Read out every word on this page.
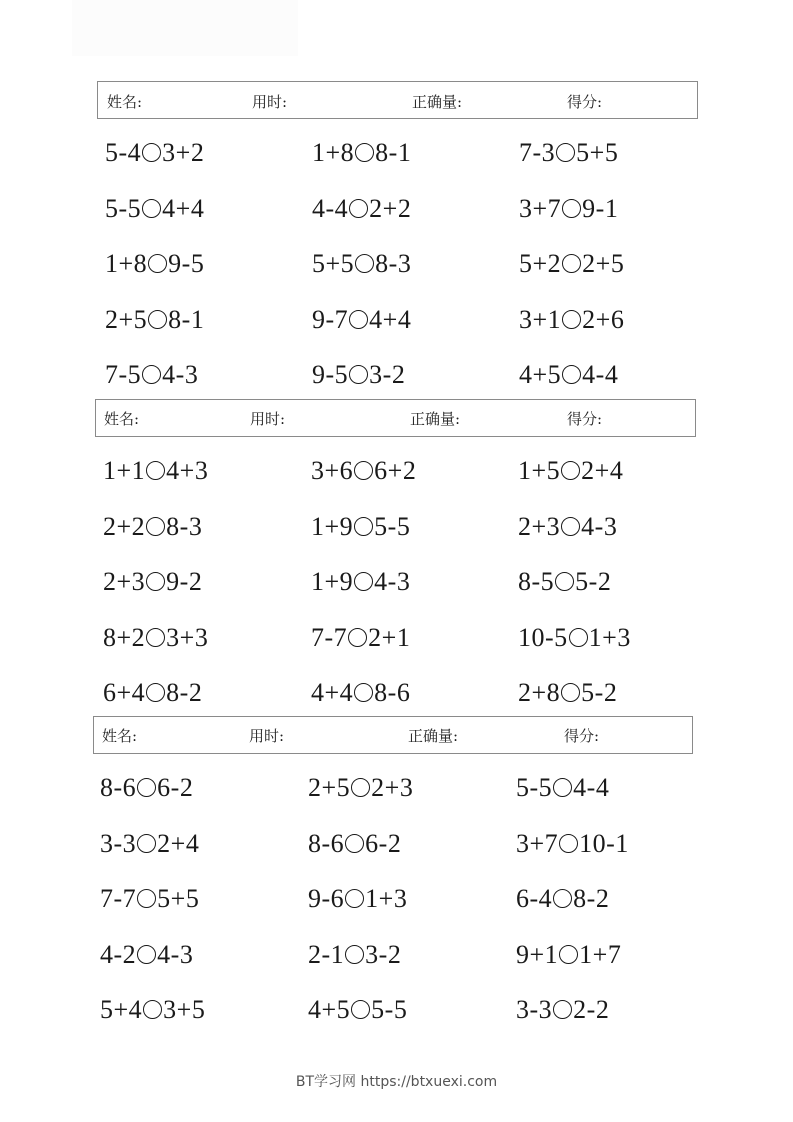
姓名:	用时:	正确量:	得分:
5-4 3+2	1+8 8-1	7-3 5+5
5-5 4+4	4-4 2+2	3+7 9-1
1+8 9-5	5+5 8-3	5+2 2+5
2+5 8-1	9-7 4+4	3+1 2+6
7-5 4-3	9-5 3-2	4+5 4-4
姓名:	用时:	正确量:	得分:
1+1 4+3	3+6 6+2	1+5 2+4
2+2 8-3	1+9 5-5	2+3 4-3
2+3 9-2	1+9 4-3	8-5 5-2
8+2 3+3	7-7 2+1	10-5 1+3
6+4 8-2	4+4 8-6	2+8 5-2
姓名:	用时:	正确量:	得分:
8-6 6-2	2+5 2+3	5-5 4-4
3-3 2+4	8-6 6-2	3+7 10-1
7-7 5+5	9-6 1+3	6-4 8-2
4-2 4-3	2-1 3-2	9+1 1+7
5+4 3+5	4+5 5-5	3-3 2-2
BT学习网 https://btxuexi.com
